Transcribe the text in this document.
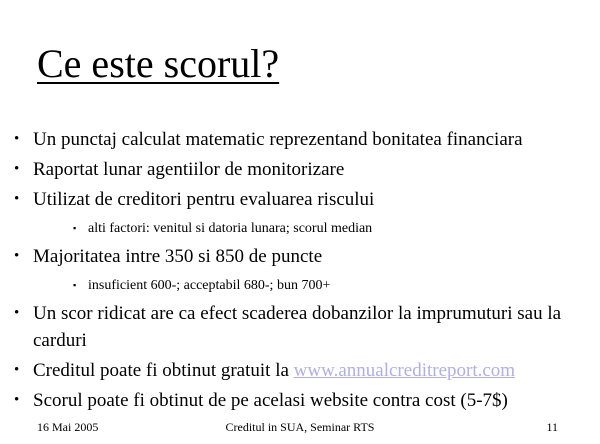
Ce este scorul?
• Un punctaj calculat matematic reprezentand bonitatea financiara
• Raportat lunar agentiilor de monitorizare
• Utilizat de creditori pentru evaluarea riscului
▪ alti factori: venitul si datoria lunara; scorul median
• Majoritatea intre 350 si 850 de puncte
▪ insuficient 600-; acceptabil 680-; bun 700+
• Un scor ridicat are ca efect scaderea dobanzilor la imprumuturi sau la carduri
• Creditul poate fi obtinut gratuit la www.annualcreditreport.com
• Scorul poate fi obtinut de pe acelasi website contra cost (5-7$)
Creditul in SUA, Seminar RTS
16 Mai 2005	11
